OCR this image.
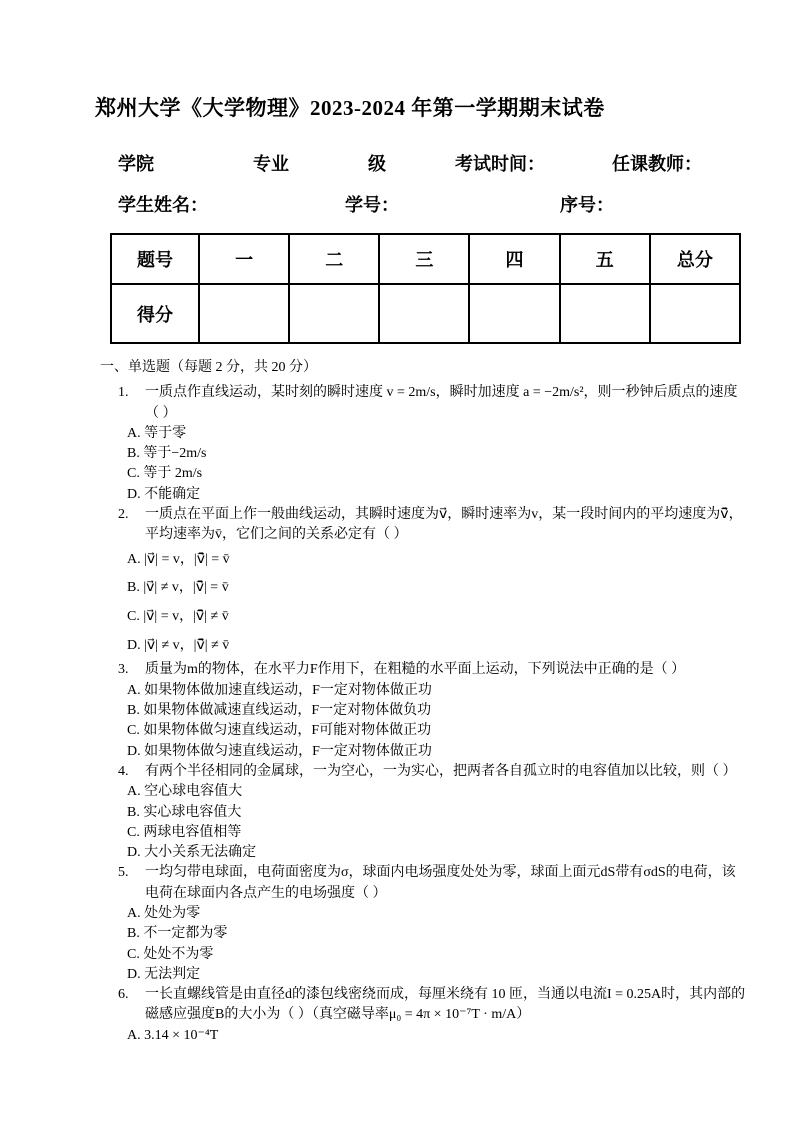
郑州大学《大学物理》2023-2024 年第一学期期末试卷
学院	专业	级	考试时间：	任课教师：
学生姓名：	学号：	序号：
题号	一	二	三	四	五	总分
得分						
一、单选题（每题 2 分，共 20 分）
1.	一质点作直线运动，某时刻的瞬时速度 v = 2m/s，瞬时加速度 a = −2m/s²，则一秒钟后质点的速度（ ）
A. 等于零
B. 等于−2m/s
C. 等于 2m/s
D. 不能确定
2.	一质点在平面上作一般曲线运动，其瞬时速度为v⃗，瞬时速率为v，某一段时间内的平均速度为v̄⃗，平均速率为v̄，它们之间的关系必定有（ ）
A. |v⃗| = v，|v̄⃗| = v̄
B. |v⃗| ≠ v，|v̄⃗| = v̄
C. |v⃗| = v，|v̄⃗| ≠ v̄
D. |v⃗| ≠ v，|v̄⃗| ≠ v̄
3.	质量为m的物体，在水平力F作用下，在粗糙的水平面上运动，下列说法中正确的是（ ）
A. 如果物体做加速直线运动，F一定对物体做正功
B. 如果物体做减速直线运动，F一定对物体做负功
C. 如果物体做匀速直线运动，F可能对物体做正功
D. 如果物体做匀速直线运动，F一定对物体做正功
4.	有两个半径相同的金属球，一为空心，一为实心，把两者各自孤立时的电容值加以比较，则（ ）
A. 空心球电容值大
B. 实心球电容值大
C. 两球电容值相等
D. 大小关系无法确定
5.	一均匀带电球面，电荷面密度为σ，球面内电场强度处处为零，球面上面元dS带有σdS的电荷，该电荷在球面内各点产生的电场强度（ ）
A. 处处为零
B. 不一定都为零
C. 处处不为零
D. 无法判定
6.	一长直螺线管是由直径d的漆包线密绕而成，每厘米绕有 10 匝，当通以电流I = 0.25A时，其内部的磁感应强度B的大小为（ ）（真空磁导率μ₀ = 4π × 10⁻⁷T · m/A）
A. 3.14 × 10⁻⁴T
